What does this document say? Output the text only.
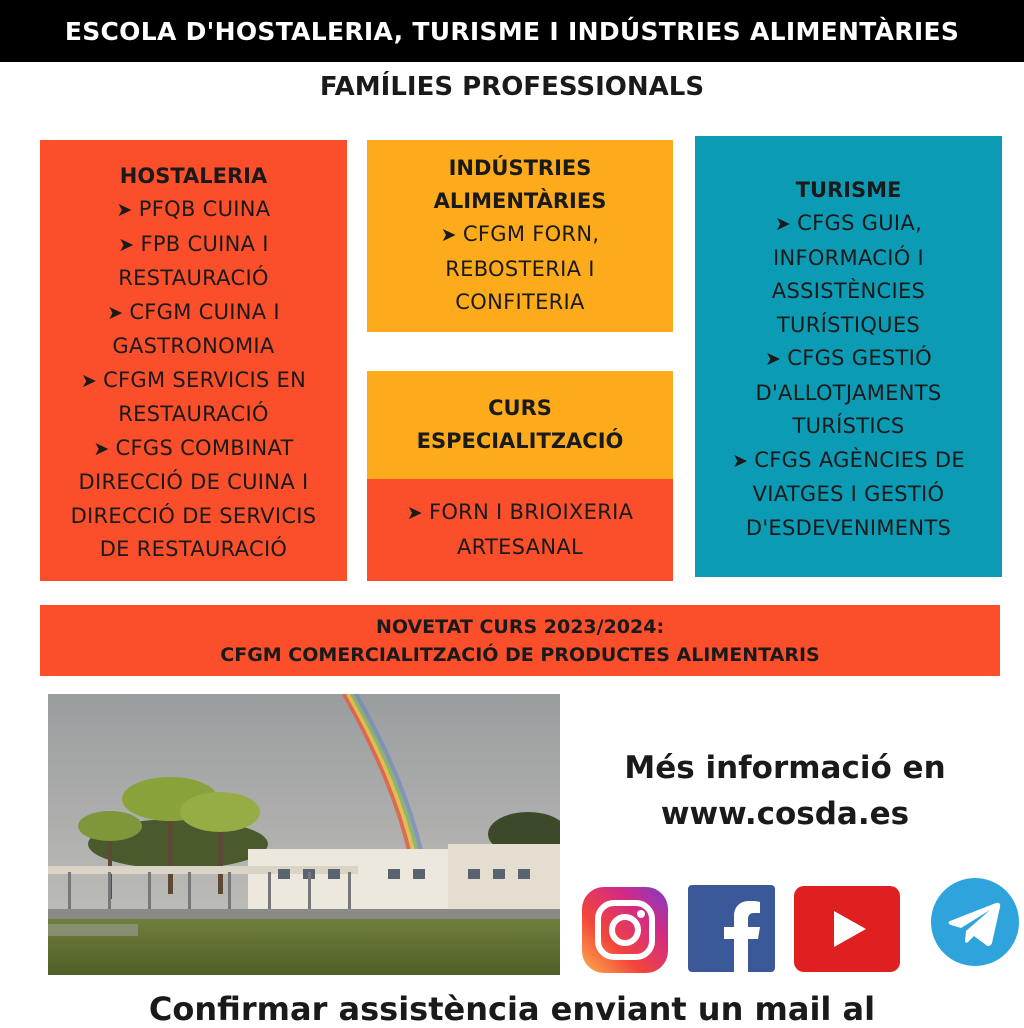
ESCOLA D'HOSTALERIA, TURISME I INDÚSTRIES ALIMENTÀRIES
FAMÍLIES PROFESSIONALS
HOSTALERIA
➤ PFQB CUINA
➤ FPB CUINA I
RESTAURACIÓ
➤ CFGM CUINA I
GASTRONOMIA
➤ CFGM SERVICIS EN
RESTAURACIÓ
➤ CFGS COMBINAT
DIRECCIÓ DE CUINA I
DIRECCIÓ DE SERVICIS
DE RESTAURACIÓ
INDÚSTRIES
ALIMENTÀRIES
➤ CFGM FORN,
REBOSTERIA I
CONFITERIA
CURS
ESPECIALITZACIÓ
➤ FORN I BRIOIXERIA
ARTESANAL
TURISME
➤ CFGS GUIA,
INFORMACIÓ I
ASSISTÈNCIES
TURÍSTIQUES
➤ CFGS GESTIÓ
D'ALLOTJAMENTS
TURÍSTICS
➤ CFGS AGÈNCIES DE
VIATGES I GESTIÓ
D'ESDEVENIMENTS
NOVETAT CURS 2023/2024:
CFGM COMERCIALITZACIÓ DE PRODUCTES ALIMENTARIS
Més informació en
www.cosda.es
Confirmar assistència enviant un mail al
